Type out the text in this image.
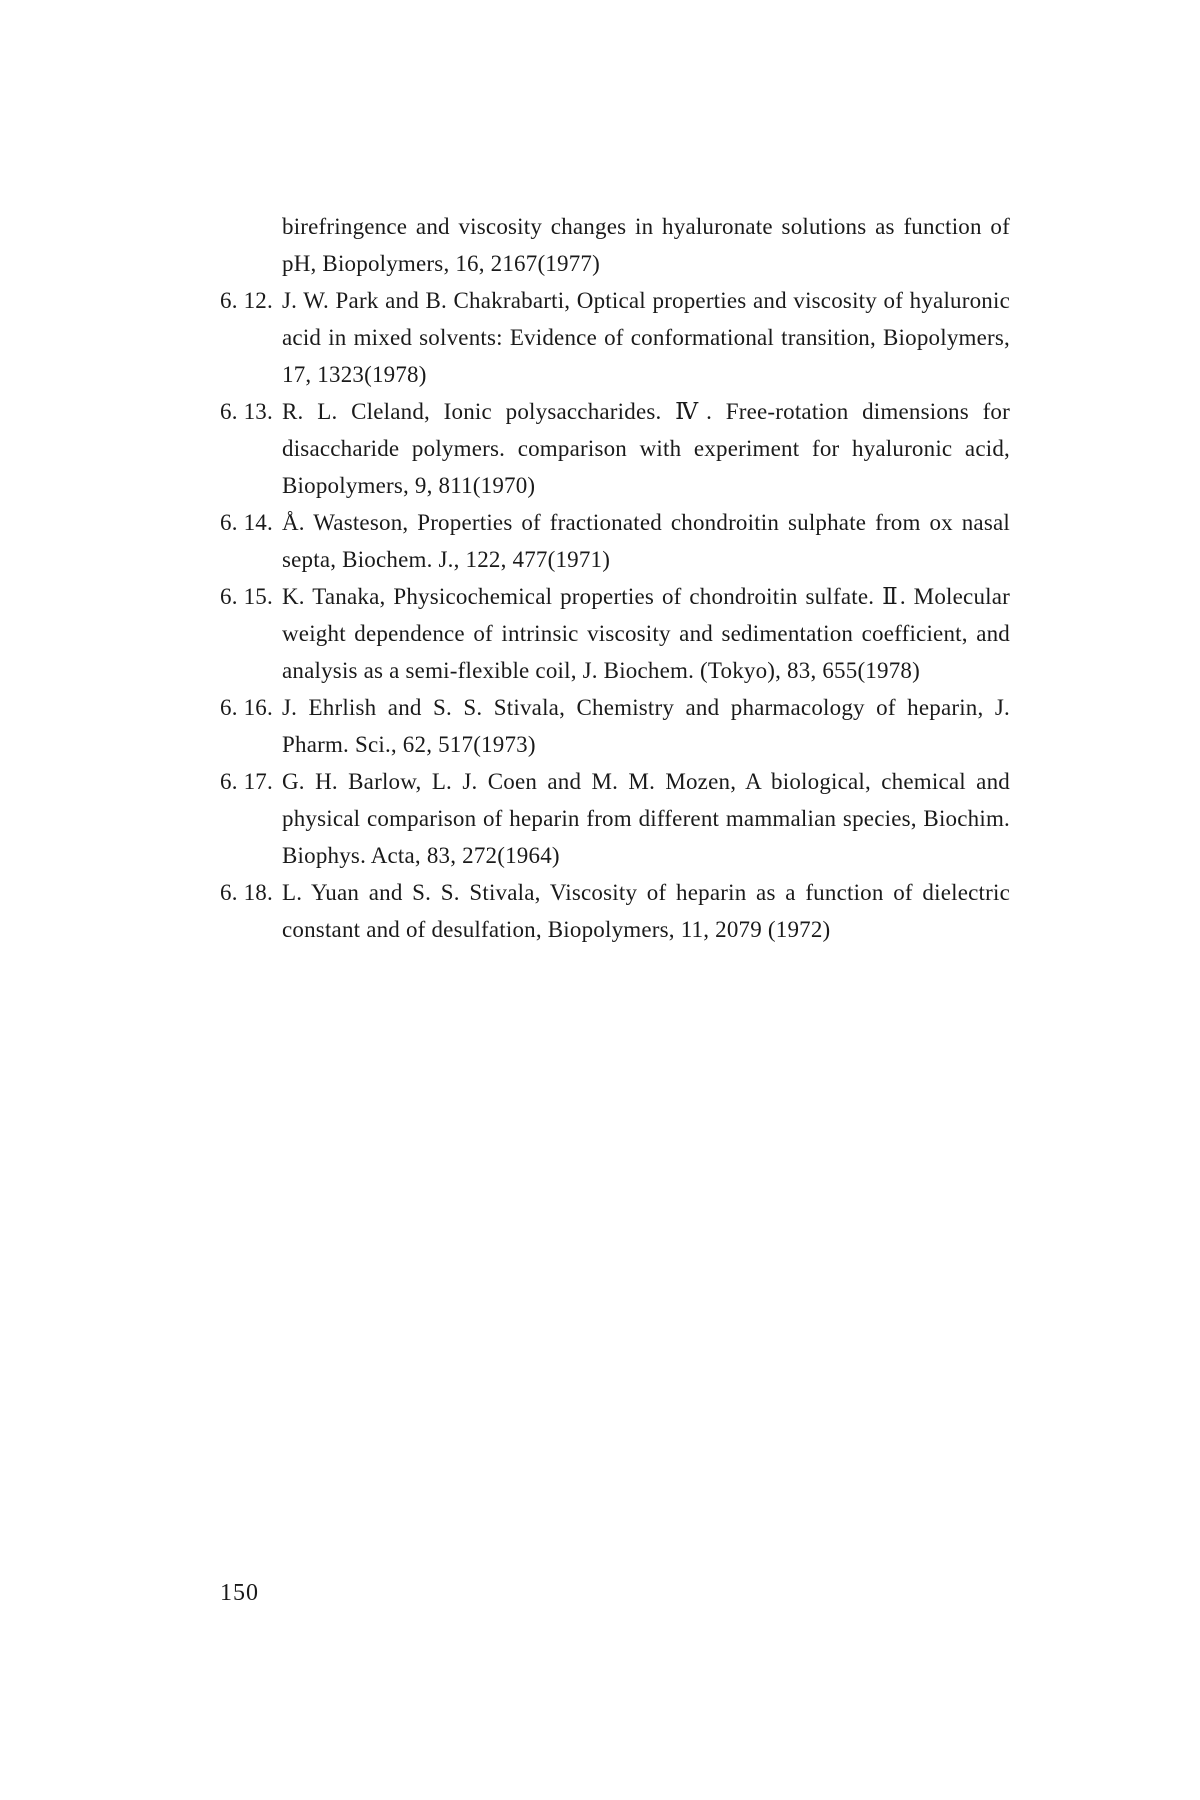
birefringence and viscosity changes in hyaluronate solutions as function of pH, Biopolymers, 16, 2167(1977)
6. 12. J. W. Park and B. Chakrabarti, Optical properties and viscosity of hyaluronic acid in mixed solvents: Evidence of conformational transition, Biopolymers, 17, 1323(1978)
6. 13. R. L. Cleland, Ionic polysaccharides. Ⅳ. Free-rotation dimensions for disaccharide polymers. comparison with experiment for hyaluronic acid, Biopolymers, 9, 811(1970)
6. 14. Å. Wasteson, Properties of fractionated chondroitin sulphate from ox nasal septa, Biochem. J., 122, 477(1971)
6. 15. K. Tanaka, Physicochemical properties of chondroitin sulfate. Ⅱ. Molecular weight dependence of intrinsic viscosity and sedimentation coefficient, and analysis as a semi-flexible coil, J. Biochem. (Tokyo), 83, 655(1978)
6. 16. J. Ehrlish and S. S. Stivala, Chemistry and pharmacology of heparin, J. Pharm. Sci., 62, 517(1973)
6. 17. G. H. Barlow, L. J. Coen and M. M. Mozen, A biological, chemical and physical comparison of heparin from different mammalian species, Biochim. Biophys. Acta, 83, 272(1964)
6. 18. L. Yuan and S. S. Stivala, Viscosity of heparin as a function of dielectric constant and of desulfation, Biopolymers, 11, 2079 (1972)
150
